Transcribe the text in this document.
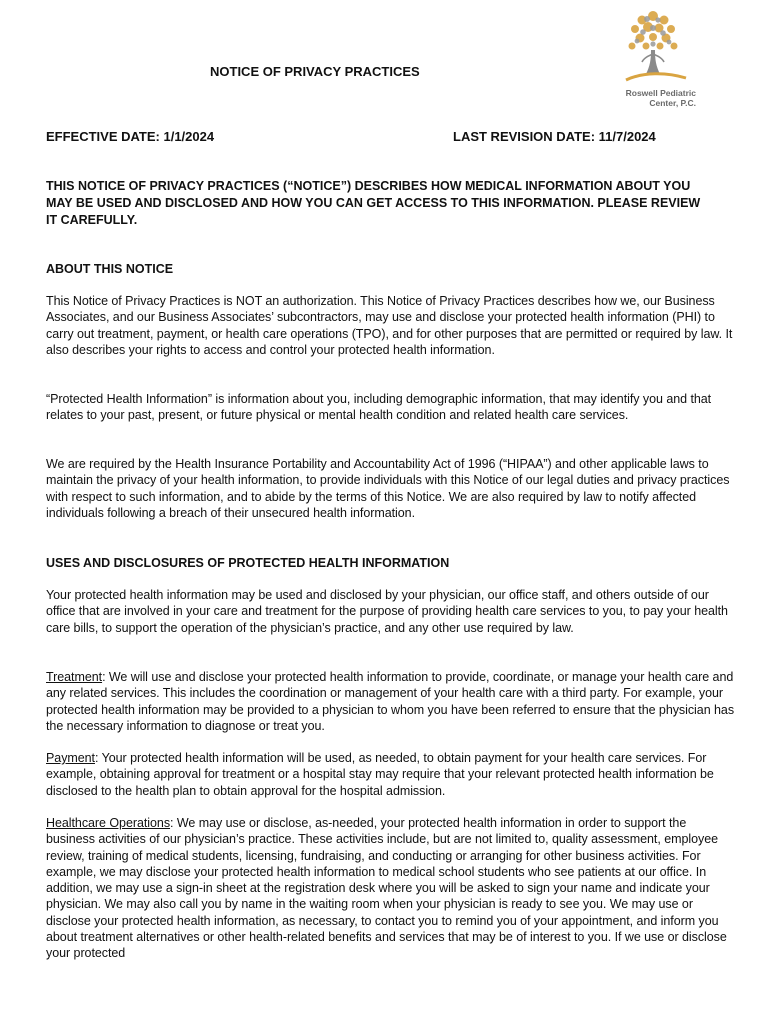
Roswell Pediatric
Center, P.C.
NOTICE OF PRIVACY PRACTICES
EFFECTIVE DATE: 1/1/2024	LAST REVISION DATE: 11/7/2024
THIS NOTICE OF PRIVACY PRACTICES (“NOTICE”) DESCRIBES HOW MEDICAL INFORMATION ABOUT YOU MAY BE USED AND DISCLOSED AND HOW YOU CAN GET ACCESS TO THIS INFORMATION. PLEASE REVIEW IT CAREFULLY.
ABOUT THIS NOTICE
This Notice of Privacy Practices is NOT an authorization. This Notice of Privacy Practices describes how we, our Business Associates, and our Business Associates’ subcontractors, may use and disclose your protected health information (PHI) to carry out treatment, payment, or health care operations (TPO), and for other purposes that are permitted or required by law. It also describes your rights to access and control your protected health information.
“Protected Health Information” is information about you, including demographic information, that may identify you and that relates to your past, present, or future physical or mental health condition and related health care services.
We are required by the Health Insurance Portability and Accountability Act of 1996 (“HIPAA”) and other applicable laws to maintain the privacy of your health information, to provide individuals with this Notice of our legal duties and privacy practices with respect to such information, and to abide by the terms of this Notice. We are also required by law to notify affected individuals following a breach of their unsecured health information.
USES AND DISCLOSURES OF PROTECTED HEALTH INFORMATION
Your protected health information may be used and disclosed by your physician, our office staff, and others outside of our office that are involved in your care and treatment for the purpose of providing health care services to you, to pay your health care bills, to support the operation of the physician’s practice, and any other use required by law.
Treatment: We will use and disclose your protected health information to provide, coordinate, or manage your health care and any related services. This includes the coordination or management of your health care with a third party. For example, your protected health information may be provided to a physician to whom you have been referred to ensure that the physician has the necessary information to diagnose or treat you.
Payment: Your protected health information will be used, as needed, to obtain payment for your health care services. For example, obtaining approval for treatment or a hospital stay may require that your relevant protected health information be disclosed to the health plan to obtain approval for the hospital admission.
Healthcare Operations: We may use or disclose, as-needed, your protected health information in order to support the business activities of our physician’s practice. These activities include, but are not limited to, quality assessment, employee review, training of medical students, licensing, fundraising, and conducting or arranging for other business activities. For example, we may disclose your protected health information to medical school students who see patients at our office. In addition, we may use a sign-in sheet at the registration desk where you will be asked to sign your name and indicate your physician. We may also call you by name in the waiting room when your physician is ready to see you. We may use or disclose your protected health information, as necessary, to contact you to remind you of your appointment, and inform you about treatment alternatives or other health-related benefits and services that may be of interest to you. If we use or disclose your protected
